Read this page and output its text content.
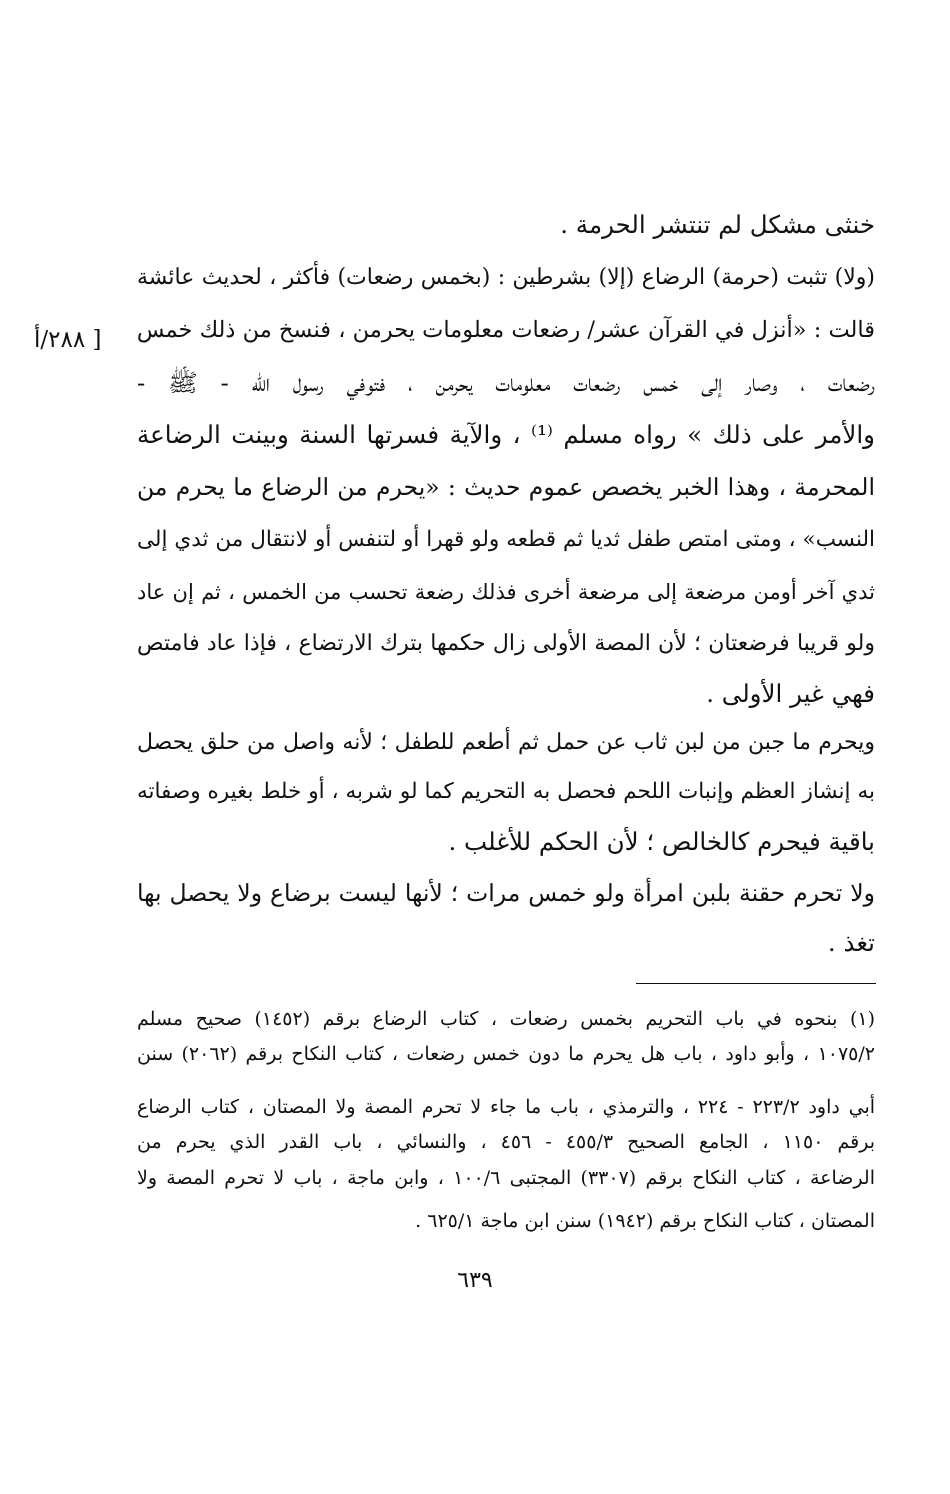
خنثى مشكل لم تنتشر الحرمة .
(ولا) تثبت (حرمة) الرضاع (إلا) بشرطين : (بخمس رضعات) فأكثر ، لحديث عائشة
قالت : «أنزل في القرآن عشر/ رضعات معلومات يحرمن ، فنسخ من ذلك خمس
رضعات ، وصار إلى خمس رضعات معلومات يحرمن ، فتوفي رسول الله - ﷺ -
والأمر على ذلك » رواه مسلم ⁽¹⁾ ، والآية فسرتها السنة وبينت الرضاعة
المحرمة ، وهذا الخبر يخصص عموم حديث : «يحرم من الرضاع ما يحرم من
النسب» ، ومتى امتص طفل ثديا ثم قطعه ولو قهرا أو لتنفس أو لانتقال من ثدي إلى
ثدي آخر أومن مرضعة إلى مرضعة أخرى فذلك رضعة تحسب من الخمس ، ثم إن عاد
ولو قريبا فرضعتان ؛ لأن المصة الأولى زال حكمها بترك الارتضاع ، فإذا عاد فامتص
فهي غير الأولى .
ويحرم ما جبن من لبن ثاب عن حمل ثم أطعم للطفل ؛ لأنه واصل من حلق يحصل
به إنشاز العظم وإنبات اللحم فحصل به التحريم كما لو شربه ، أو خلط بغيره وصفاته
باقية فيحرم كالخالص ؛ لأن الحكم للأغلب .
ولا تحرم حقنة بلبن امرأة ولو خمس مرات ؛ لأنها ليست برضاع ولا يحصل بها
تغذ .
[ ٢٨٨/أ
(١) بنحوه في باب التحريم بخمس رضعات ، كتاب الرضاع برقم (١٤٥٢) صحيح مسلم
١٠٧٥/٢ ، وأبو داود ، باب هل يحرم ما دون خمس رضعات ، كتاب النكاح برقم (٢٠٦٢) سنن
أبي داود ٢٢٣/٢ - ٢٢٤ ، والترمذي ، باب ما جاء لا تحرم المصة ولا المصتان ، كتاب الرضاع
برقم ١١٥٠ ، الجامع الصحيح ٤٥٥/٣ - ٤٥٦ ، والنسائي ، باب القدر الذي يحرم من
الرضاعة ، كتاب النكاح برقم (٣٣٠٧) المجتبى ١٠٠/٦ ، وابن ماجة ، باب لا تحرم المصة ولا
المصتان ، كتاب النكاح برقم (١٩٤٢) سنن ابن ماجة ٦٢٥/١ .
٦٣٩
